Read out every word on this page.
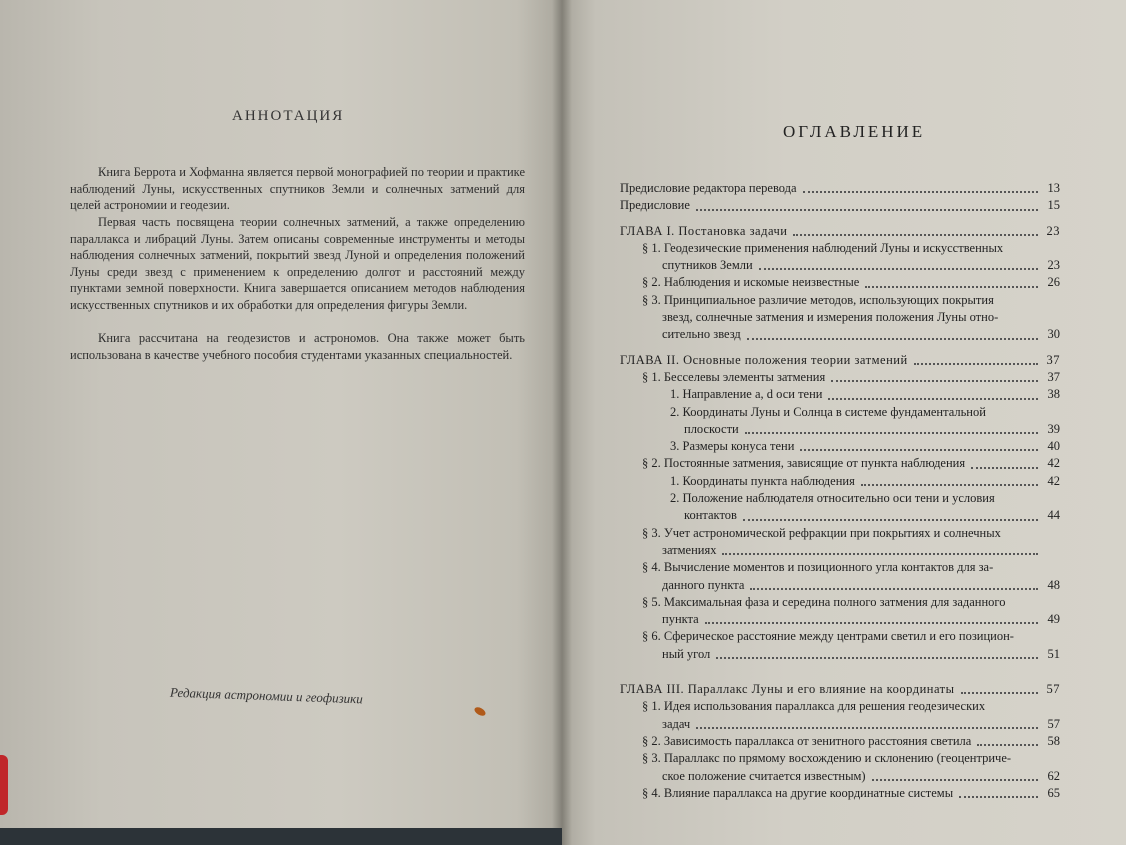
АННОТАЦИЯ

Книга Беррота и Хофманна является первой монографией по теории и практике наблюдений Луны, искусственных спутников Земли и солнечных затмений для целей астрономии и геодезии.

Первая часть посвящена теории солнечных затмений, а также определению параллакса и либраций Луны. Затем описаны современные инструменты и методы наблюдения солнечных затмений, покрытий звезд Луной и определения положений Луны среди звезд с применением к определению долгот и расстояний между пунктами земной поверхности. Книга завершается описанием методов наблюдения искусственных спутников и их обработки для определения фигуры Земли.

Книга рассчитана на геодезистов и астрономов. Она также может быть использована в качестве учебного пособия студентами указанных специальностей.

Редакция астрономии и геофизики
ОГЛАВЛЕНИЕ
Предисловие редактора перевода	13
Предисловие	15
ГЛАВА I. Постановка задачи	23
§ 1. Геодезические применения наблюдений Луны и искусственных
спутников Земли	23
§ 2. Наблюдения и искомые неизвестные	26
§ 3. Принципиальное различие методов, использующих покрытия
звезд, солнечные затмения и измерения положения Луны отно-
сительно звезд	30
ГЛАВА II. Основные положения теории затмений	37
§ 1. Бесселевы элементы затмения	37
1. Направление a, d оси тени	38
2. Координаты Луны и Солнца в системе фундаментальной
плоскости	39
3. Размеры конуса тени	40
§ 2. Постоянные затмения, зависящие от пункта наблюдения	42
1. Координаты пункта наблюдения	42
2. Положение наблюдателя относительно оси тени и условия
контактов	44
§ 3. Учет астрономической рефракции при покрытиях и солнечных
затмениях
§ 4. Вычисление моментов и позиционного угла контактов для за-
данного пункта	48
§ 5. Максимальная фаза и середина полного затмения для заданного
пункта	49
§ 6. Сферическое расстояние между центрами светил и его позицион-
ный угол	51
ГЛАВА III. Параллакс Луны и его влияние на координаты	57
§ 1. Идея использования параллакса для решения геодезических
задач	57
§ 2. Зависимость параллакса от зенитного расстояния светила	58
§ 3. Параллакс по прямому восхождению и склонению (геоцентриче-
ское положение считается известным)	62
§ 4. Влияние параллакса на другие координатные системы	65
